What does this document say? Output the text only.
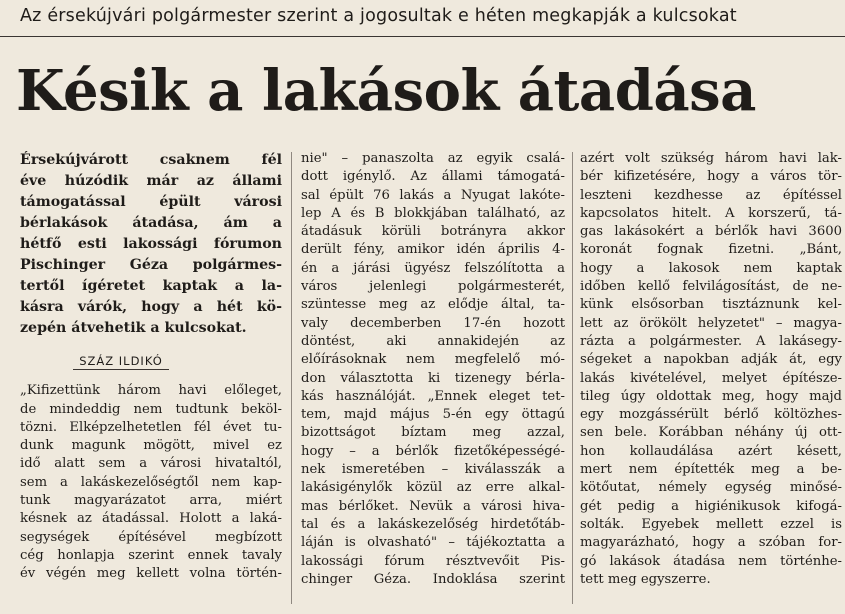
Az érsekújvári polgármester szerint a jogosultak e héten megkapják a kulcsokat
Késik a lakások átadása
Érsekújvárott csaknem fél
éve húzódik már az állami
támogatással épült városi
bérlakások átadása, ám a
hétfő esti lakossági fórumon
Pischinger Géza polgármes-
tertől ígéretet kaptak a la-
kásra várók, hogy a hét kö-
zepén átvehetik a kulcsokat.
SZÁZ ILDIKÓ
„Kifizettünk három havi előleget,
de mindeddig nem tudtunk beköl-
tözni. Elképzelhetetlen fél évet tu-
dunk magunk mögött, mivel ez
idő alatt sem a városi hivataltól,
sem a lakáskezelőségtől nem kap-
tunk magyarázatot arra, miért
késnek az átadással. Holott a laká-
segységek építésével megbízott
cég honlapja szerint ennek tavaly
év végén meg kellett volna történ-
nie" – panaszolta az egyik csalá-
dott igénylő. Az állami támogatá-
sal épült 76 lakás a Nyugat lakóte-
lep A és B blokkjában található, az
átadásuk körüli botrányra akkor
derült fény, amikor idén április 4-
én a járási ügyész felszólította a
város jelenlegi polgármesterét,
szüntesse meg az elődje által, ta-
valy decemberben 17-én hozott
döntést, aki annakidején az
előírásoknak nem megfelelő mó-
don választotta ki tizenegy bérla-
kás használóját. „Ennek eleget tet-
tem, majd május 5-én egy öttagú
bizottságot bíztam meg azzal,
hogy – a bérlők fizetőképességé-
nek ismeretében – kiválasszák a
lakásigénylők közül az erre alkal-
mas bérlőket. Nevük a városi hiva-
tal és a lakáskezelőség hirdetőtáb-
láján is olvasható" – tájékoztatta a
lakossági fórum résztvevőit Pis-
chinger Géza. Indoklása szerint
azért volt szükség három havi lak-
bér kifizetésére, hogy a város tör-
leszteni kezdhesse az építéssel
kapcsolatos hitelt. A korszerű, tá-
gas lakásokért a bérlők havi 3600
koronát fognak fizetni. „Bánt,
hogy a lakosok nem kaptak
időben kellő felvilágosítást, de ne-
künk elsősorban tisztáznunk kel-
lett az örökölt helyzetet" – magya-
rázta a polgármester. A lakásegy-
ségeket a napokban adják át, egy
lakás kivételével, melyet építésze-
tileg úgy oldottak meg, hogy majd
egy mozgássérült bérlő költözhes-
sen bele. Korábban néhány új ott-
hon kollaudálása azért késett,
mert nem építették meg a be-
kötőutat, némely egység minősé-
gét pedig a higiénikusok kifogá-
solták. Egyebek mellett ezzel is
magyarázható, hogy a szóban for-
gó lakások átadása nem történhe-
tett meg egyszerre.
